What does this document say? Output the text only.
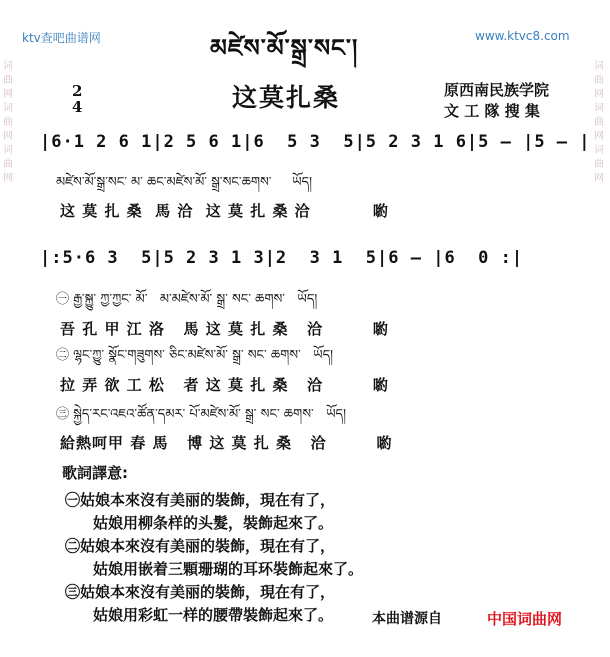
ktv查吧曲谱网	www.ktvc8.com
词曲网词曲网词曲网
词曲网词曲网词曲网
མཛེས་མོ་སྒྲ་སང་།
2
4	这莫扎桑	原西南民族学院
文 工 隊 搜 集
|6·1 2 6 1|2 5 6 1|6  5 3  5|5 2 3 1 6|5 — |5 — |
མཛེས་མོ་སྒྲ་སང་ མ་ ཆང་མཛེས་མོ་ སྒྲ་སང་ཆགས་     ཡོད།
这 莫 扎 桑  馬 洽  这 莫 扎 桑 洽          喲
|:5·6 3  5|5 2 3 1 3|2  3 1  5|6 — |6  0 :|
㊀ རྒྱ་སྐྱུ་ ཀྱ་ཀྱང་ མོ་   མ་མཛེས་མོ་ སྒྲ་ སང་ ཆགས་   ཡོད།
吾 孔 甲 江 洛   馬 这 莫 扎 桑   洽        喲
㊁ ལྷང་ཀྱུ་ སྣོང་གཟུགས་ ཅིང་མཛེས་མོ་ སྒྲ་ སང་ ཆགས་   ཡོད།
拉 弄 欲 工 松   者 这 莫 扎 桑   洽        喲
㊂ སྐྱེད་རང་འཇའ་ཚོན་དམར་ པོ་མཛེས་མོ་ སྒྲ་ སང་ ཆགས་   ཡོད།
給熱呵甲 春 馬   博 这 莫 扎 桑   洽        喲
歌詞譯意:
㊀姑娘本來沒有美丽的裝飾，現在有了，
姑娘用柳条样的头髮，裝飾起來了。
㊁姑娘本來沒有美丽的裝飾，現在有了，
姑娘用嵌着三顆珊瑚的耳环裝飾起來了。
㊂姑娘本來沒有美丽的裝飾，現在有了，
姑娘用彩虹一样的腰帶裝飾起來了。	本曲谱源自	中国词曲网
